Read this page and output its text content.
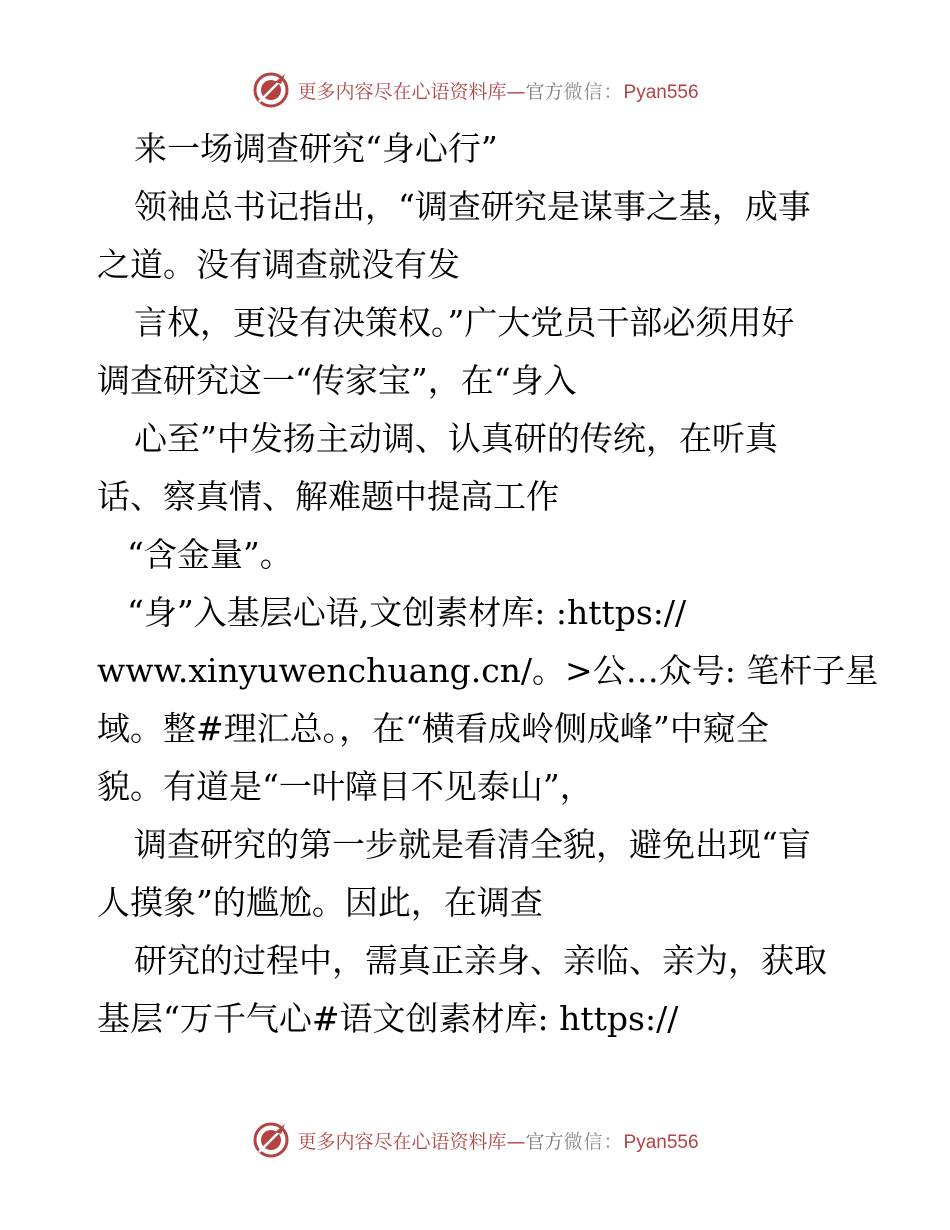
更多内容尽在心语资料库—官方微信：Pyan556
来一场调查研究“身心行”
领袖总书记指出，“调查研究是谋事之基，成事
之道。没有调查就没有发
言权，更没有决策权。”广大党员干部必须用好
调查研究这一“传家宝”，在“身入
心至”中发扬主动调、认真研的传统，在听真
话、察真情、解难题中提高工作
“含金量”。
“身”入基层心语,文创素材库: :https://
www.xinyuwenchuang.cn/。>公…众号: 笔杆子星
域。整#理汇总。，在“横看成岭侧成峰”中窥全
貌。有道是“一叶障目不见泰山”，
调查研究的第一步就是看清全貌，避免出现“盲
人摸象”的尴尬。因此，在调查
研究的过程中，需真正亲身、亲临、亲为，获取
基层“万千气心#语文创素材库: https://
更多内容尽在心语资料库—官方微信：Pyan556
